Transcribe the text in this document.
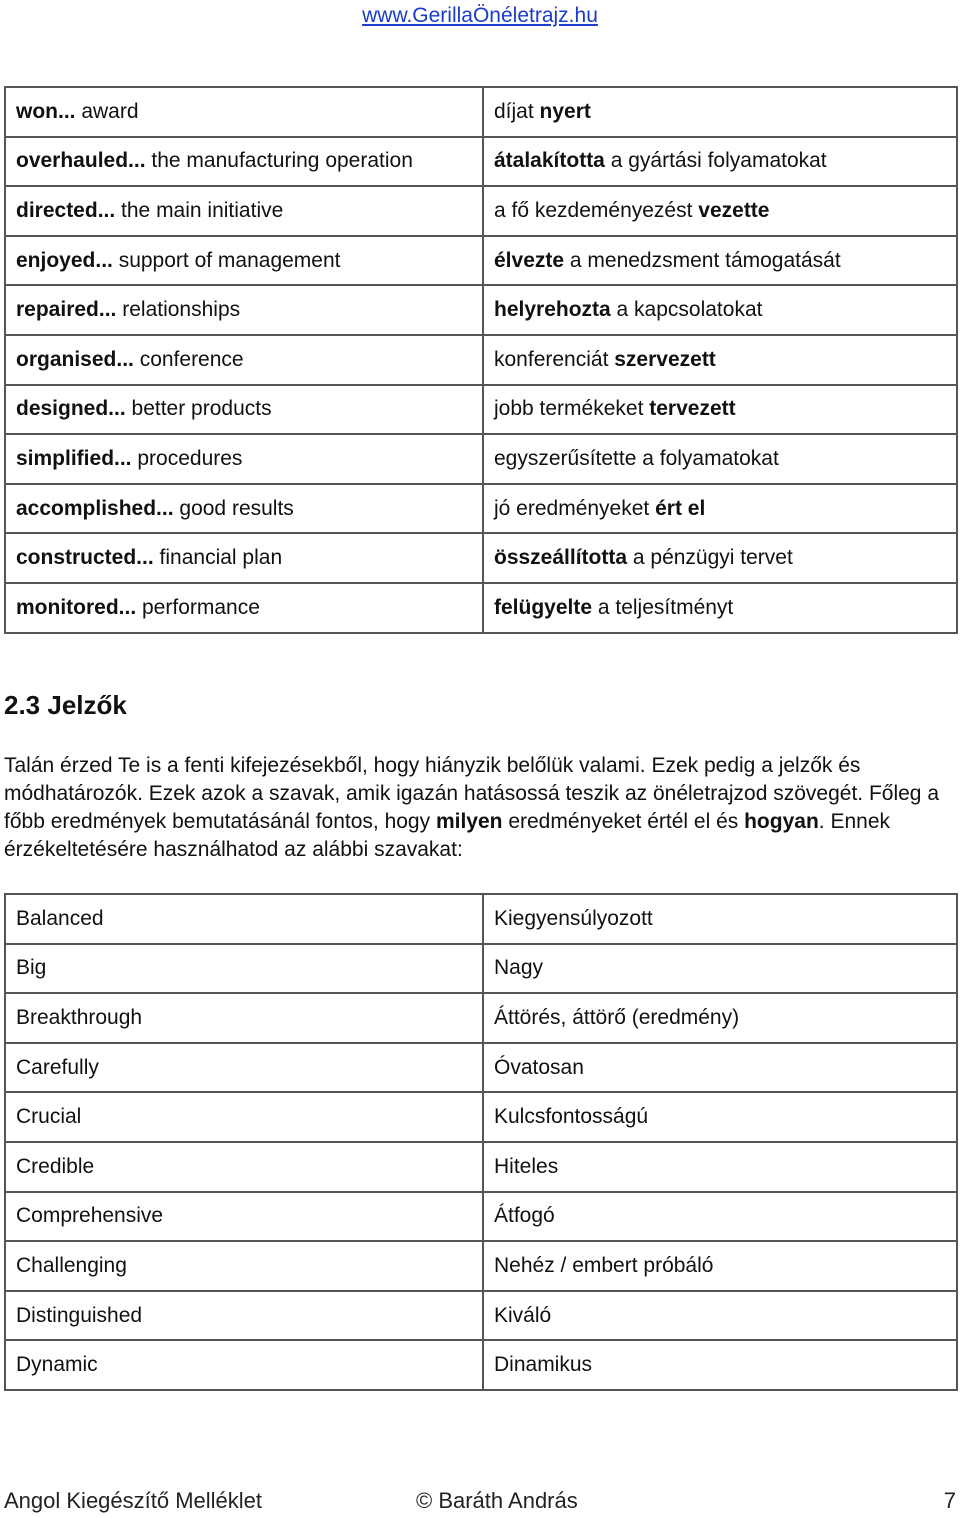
www.GerillaÖnéletrajz.hu
won... award	díjat nyert
overhauled... the manufacturing operation	átalakította a gyártási folyamatokat
directed... the main initiative	a fő kezdeményezést vezette
enjoyed... support of management	élvezte a menedzsment támogatását
repaired... relationships	helyrehozta a kapcsolatokat
organised... conference	konferenciát szervezett
designed... better products	jobb termékeket tervezett
simplified... procedures	egyszerűsítette a folyamatokat
accomplished... good results	jó eredményeket ért el
constructed... financial plan	összeállította a pénzügyi tervet
monitored... performance	felügyelte a teljesítményt
2.3 Jelzők

Talán érzed Te is a fenti kifejezésekből, hogy hiányzik belőlük valami. Ezek pedig a jelzők és módhatározók. Ezek azok a szavak, amik igazán hatásossá teszik az önéletrajzod szövegét. Főleg a főbb eredmények bemutatásánál fontos, hogy milyen eredményeket értél el és hogyan. Ennek érzékeltetésére használhatod az alábbi szavakat:

Balanced	Kiegyensúlyozott
Big	Nagy
Breakthrough	Áttörés, áttörő (eredmény)
Carefully	Óvatosan
Crucial	Kulcsfontosságú
Credible	Hiteles
Comprehensive	Átfogó
Challenging	Nehéz / embert próbáló
Distinguished	Kiváló
Dynamic	Dinamikus
Angol Kiegészítő Melléklet	© Baráth András	7
